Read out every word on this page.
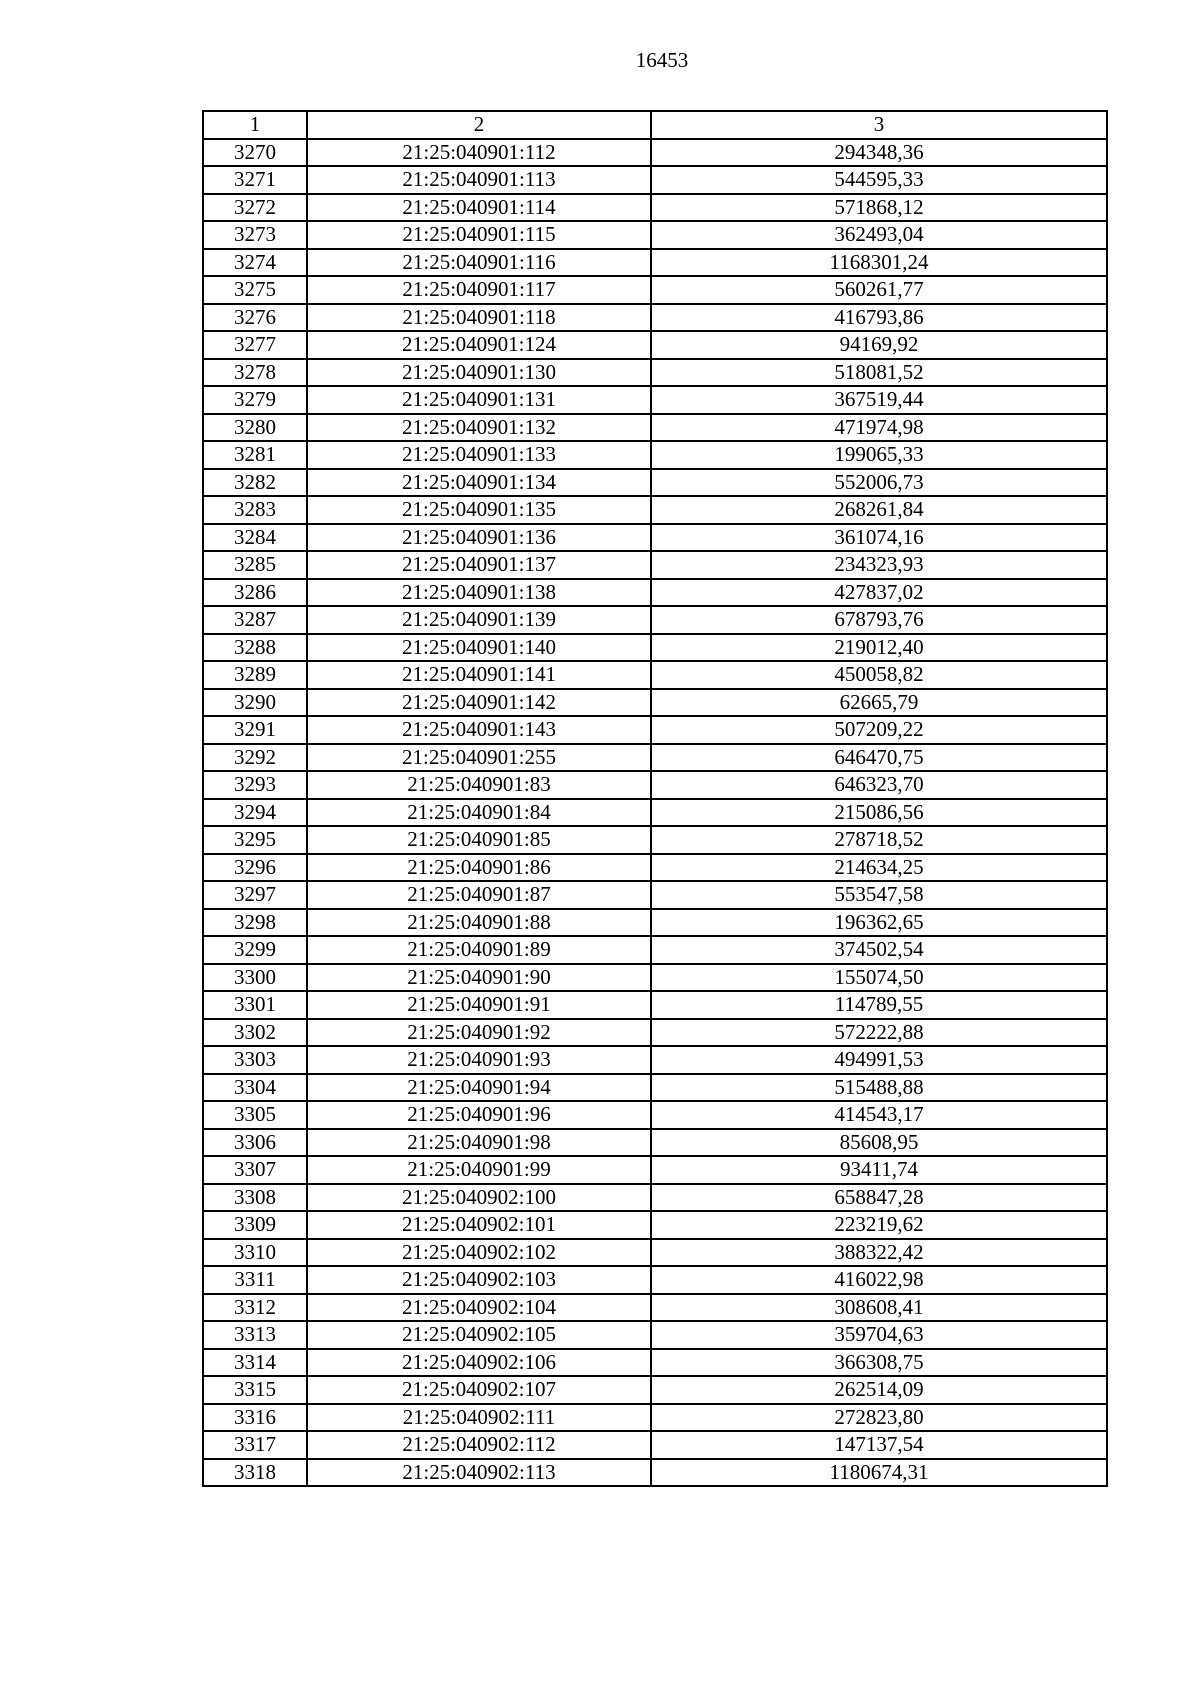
16453
1	2	3
3270	21:25:040901:112	294348,36
3271	21:25:040901:113	544595,33
3272	21:25:040901:114	571868,12
3273	21:25:040901:115	362493,04
3274	21:25:040901:116	1168301,24
3275	21:25:040901:117	560261,77
3276	21:25:040901:118	416793,86
3277	21:25:040901:124	94169,92
3278	21:25:040901:130	518081,52
3279	21:25:040901:131	367519,44
3280	21:25:040901:132	471974,98
3281	21:25:040901:133	199065,33
3282	21:25:040901:134	552006,73
3283	21:25:040901:135	268261,84
3284	21:25:040901:136	361074,16
3285	21:25:040901:137	234323,93
3286	21:25:040901:138	427837,02
3287	21:25:040901:139	678793,76
3288	21:25:040901:140	219012,40
3289	21:25:040901:141	450058,82
3290	21:25:040901:142	62665,79
3291	21:25:040901:143	507209,22
3292	21:25:040901:255	646470,75
3293	21:25:040901:83	646323,70
3294	21:25:040901:84	215086,56
3295	21:25:040901:85	278718,52
3296	21:25:040901:86	214634,25
3297	21:25:040901:87	553547,58
3298	21:25:040901:88	196362,65
3299	21:25:040901:89	374502,54
3300	21:25:040901:90	155074,50
3301	21:25:040901:91	114789,55
3302	21:25:040901:92	572222,88
3303	21:25:040901:93	494991,53
3304	21:25:040901:94	515488,88
3305	21:25:040901:96	414543,17
3306	21:25:040901:98	85608,95
3307	21:25:040901:99	93411,74
3308	21:25:040902:100	658847,28
3309	21:25:040902:101	223219,62
3310	21:25:040902:102	388322,42
3311	21:25:040902:103	416022,98
3312	21:25:040902:104	308608,41
3313	21:25:040902:105	359704,63
3314	21:25:040902:106	366308,75
3315	21:25:040902:107	262514,09
3316	21:25:040902:111	272823,80
3317	21:25:040902:112	147137,54
3318	21:25:040902:113	1180674,31
